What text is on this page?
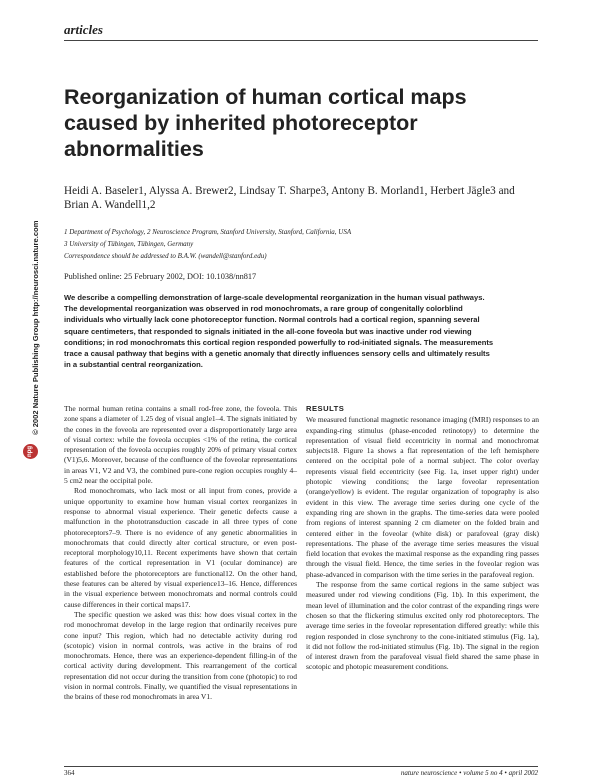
articles
Reorganization of human cortical maps caused by inherited photoreceptor abnormalities
Heidi A. Baseler1, Alyssa A. Brewer2, Lindsay T. Sharpe3, Antony B. Morland1, Herbert Jägle3 and Brian A. Wandell1,2
1 Department of Psychology, 2 Neuroscience Program, Stanford University, Stanford, California, USA
3 University of Tübingen, Tübingen, Germany
Correspondence should be addressed to B.A.W. (wandell@stanford.edu)
Published online: 25 February 2002, DOI: 10.1038/nn817

We describe a compelling demonstration of large-scale developmental reorganization in the human visual pathways. The developmental reorganization was observed in rod monochromats, a rare group of congenitally colorblind individuals who virtually lack cone photoreceptor function. Normal controls had a cortical region, spanning several square centimeters, that responded to signals initiated in the all-cone foveola but was inactive under rod viewing conditions; in rod monochromats this cortical region responded powerfully to rod-initiated signals. The measurements trace a causal pathway that begins with a genetic anomaly that directly influences sensory cells and ultimately results in a substantial central reorganization.

npg
© 2002 Nature Publishing Group http://neurosci.nature.com	The normal human retina contains a small rod-free zone, the foveola. This zone spans a diameter of 1.25 deg of visual angle1–4. The signals initiated by the cones in the foveola are represented over a disproportionately large area of visual cortex: while the foveola occupies <1% of the retina, the cortical representation of the foveola occupies roughly 20% of primary visual cortex (V1)5,6. Moreover, because of the confluence of the foveolar representations in areas V1, V2 and V3, the combined pure-cone region occupies roughly 4–5 cm2 near the occipital pole.

Rod monochromats, who lack most or all input from cones, provide a unique opportunity to examine how human visual cortex reorganizes in response to abnormal visual experience. Their genetic defects cause a malfunction in the phototransduction cascade in all three types of cone photoreceptors7–9. There is no evidence of any genetic abnormalities in monochromats that could directly alter cortical structure, or even post-receptoral morphology10,11. Recent experiments have shown that certain features of the cortical representation in V1 (ocular dominance) are established before the photoreceptors are functional12. On the other hand, these features can be altered by visual experience13–16. Hence, differences in the visual experience between monochromats and normal controls could cause differences in their cortical maps17.

The specific question we asked was this: how does visual cortex in the rod monochromat develop in the large region that ordinarily receives pure cone input? This region, which had no detectable activity during rod (scotopic) vision in normal controls, was active in the brains of rod monochromats. Hence, there was an experience-dependent filling-in of the cortical activity during development. This rearrangement of the cortical representation did not occur during the transition from cone (photopic) to rod vision in normal controls. Finally, we quantified the visual representations in the brains of these rod monochromats in area V1.

RESULTS

We measured functional magnetic resonance imaging (fMRI) responses to an expanding-ring stimulus (phase-encoded retinotopy) to determine the representation of visual field eccentricity in normal and monochromat subjects18. Figure 1a shows a flat representation of the left hemisphere centered on the occipital pole of a normal subject. The color overlay represents visual field eccentricity (see Fig. 1a, inset upper right) under photopic viewing conditions; the large foveolar representation (orange/yellow) is evident. The regular organization of topography is also evident in this view. The average time series during one cycle of the expanding ring are shown in the graphs. The time-series data were pooled from regions of interest spanning 2 cm diameter on the folded brain and centered either in the foveolar (white disk) or parafoveal (gray disk) representations. The phase of the average time series measures the visual field location that evokes the maximal response as the expanding ring passes through the visual field. Hence, the time series in the foveolar region was phase-advanced in comparison with the time series in the parafoveal region.

The response from the same cortical regions in the same subject was measured under rod viewing conditions (Fig. 1b). In this experiment, the mean level of illumination and the color contrast of the expanding rings were chosen so that the flickering stimulus excited only rod photoreceptors. The average time series in the foveolar representation differed greatly: while this region responded in close synchrony to the cone-initiated stimulus (Fig. 1a), it did not follow the rod-initiated stimulus (Fig. 1b). The signal in the region of interest drawn from the parafoveal visual field shared the same phase in scotopic and photopic measurement conditions.

364	nature neuroscience • volume 5 no 4 • april 2002
